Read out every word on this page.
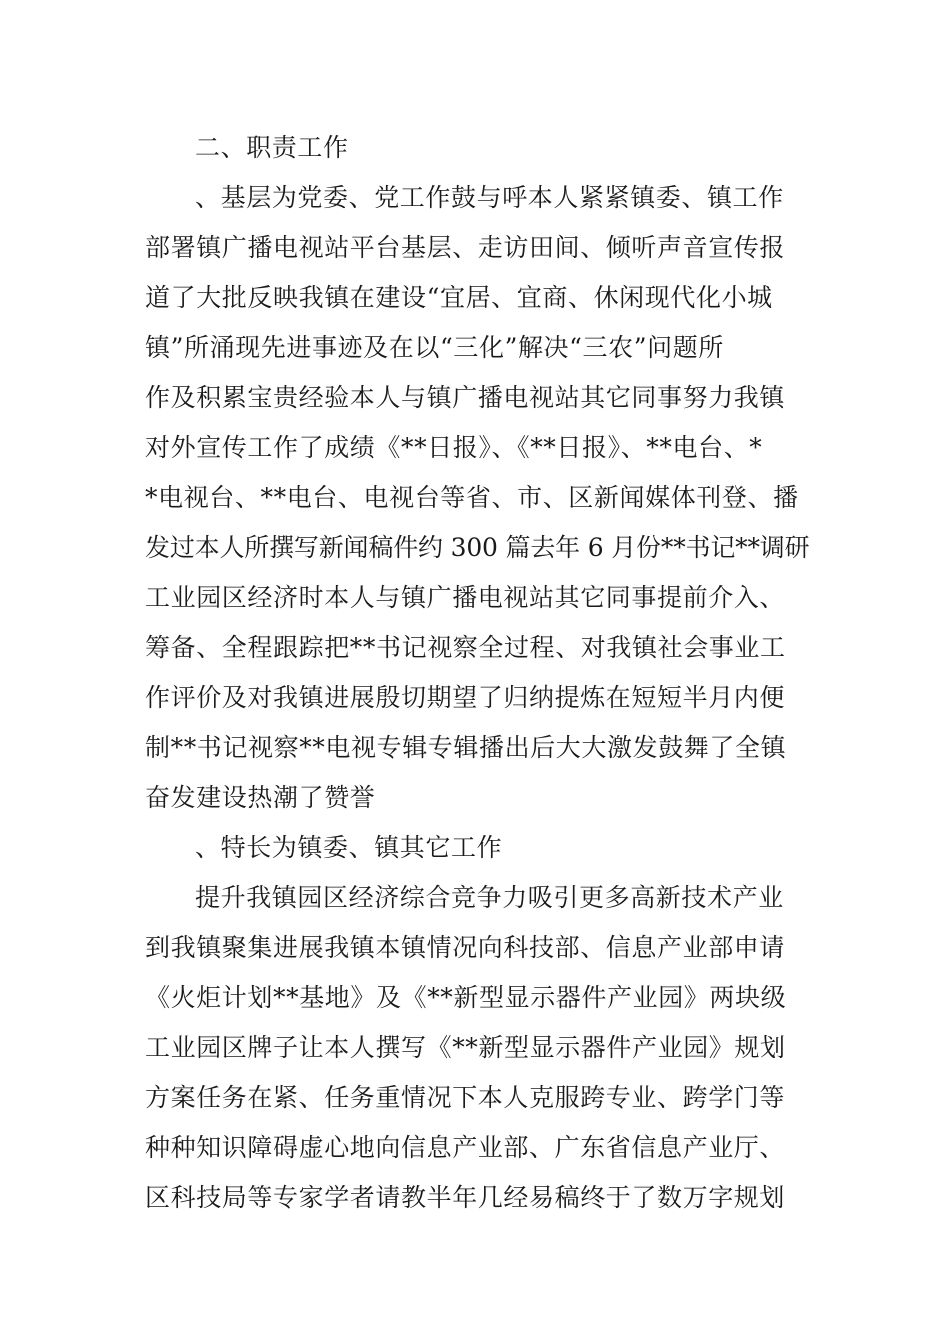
二、职责工作
、基层为党委、党工作鼓与呼本人紧紧镇委、镇工作
部署镇广播电视站平台基层、走访田间、倾听声音宣传报
道了大批反映我镇在建设“宜居、宜商、休闲现代化小城
镇”所涌现先进事迹及在以“三化”解决“三农”问题所
作及积累宝贵经验本人与镇广播电视站其它同事努力我镇
对外宣传工作了成绩《**日报》、《**日报》、**电台、*
*电视台、**电台、电视台等省、市、区新闻媒体刊登、播
发过本人所撰写新闻稿件约 300 篇去年 6 月份**书记**调研
工业园区经济时本人与镇广播电视站其它同事提前介入、
筹备、全程跟踪把**书记视察全过程、对我镇社会事业工
作评价及对我镇进展殷切期望了归纳提炼在短短半月内便
制**书记视察**电视专辑专辑播出后大大激发鼓舞了全镇
奋发建设热潮了赞誉
、特长为镇委、镇其它工作
提升我镇园区经济综合竞争力吸引更多高新技术产业
到我镇聚集进展我镇本镇情况向科技部、信息产业部申请
《火炬计划**基地》及《**新型显示器件产业园》两块级
工业园区牌子让本人撰写《**新型显示器件产业园》规划
方案任务在紧、任务重情况下本人克服跨专业、跨学门等
种种知识障碍虚心地向信息产业部、广东省信息产业厅、
区科技局等专家学者请教半年几经易稿终于了数万字规划
